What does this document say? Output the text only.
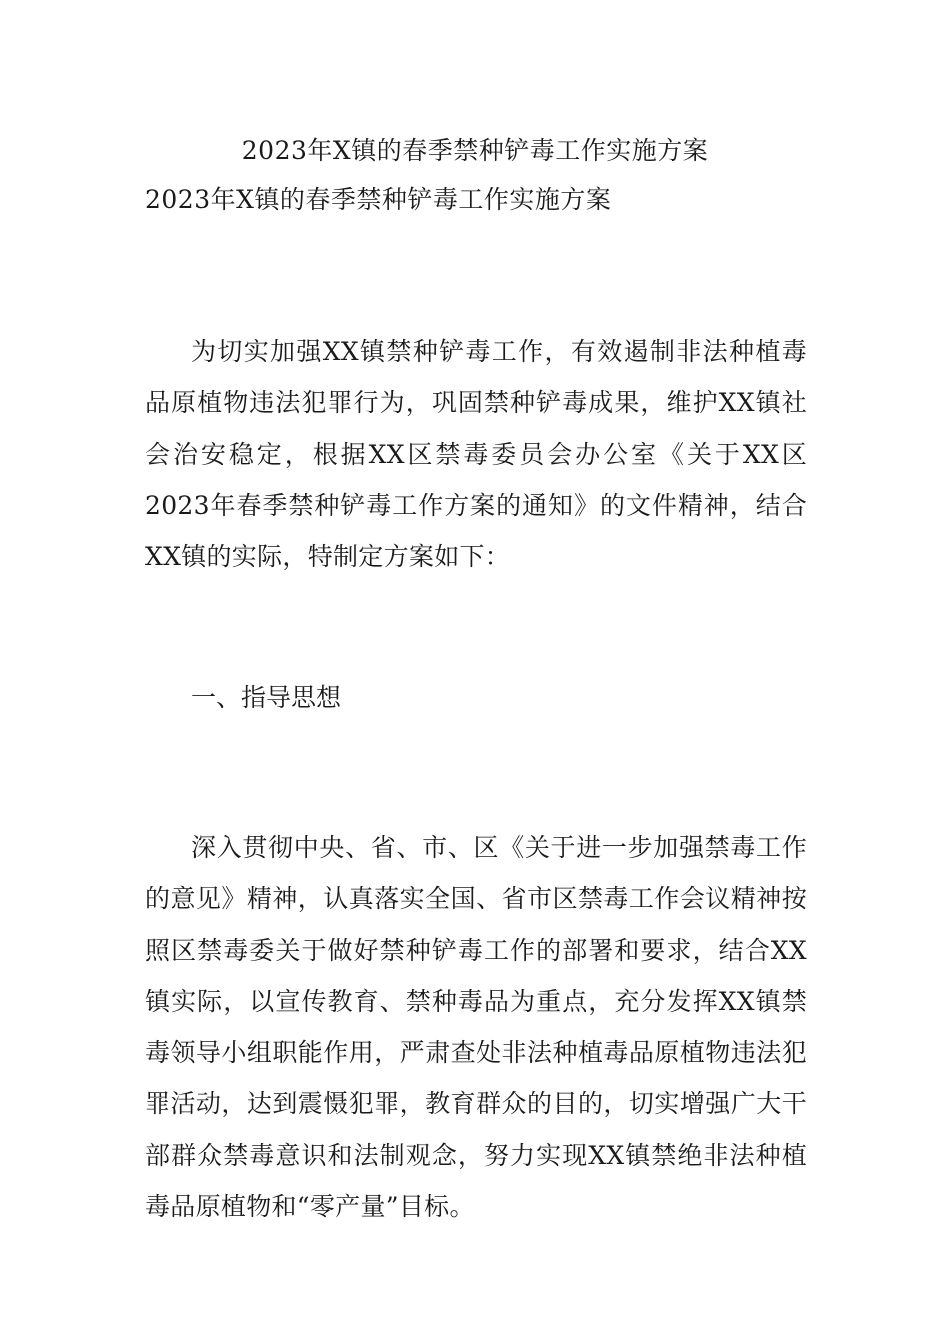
2023年X镇的春季禁种铲毒工作实施方案
2023年X镇的春季禁种铲毒工作实施方案

为切实加强XX镇禁种铲毒工作，有效遏制非法种植毒品原植物违法犯罪行为，巩固禁种铲毒成果，维护XX镇社会治安稳定，根据XX区禁毒委员会办公室《关于XX区2023年春季禁种铲毒工作方案的通知》的文件精神，结合XX镇的实际，特制定方案如下：

一、指导思想

深入贯彻中央、省、市、区《关于进一步加强禁毒工作的意见》精神，认真落实全国、省市区禁毒工作会议精神按照区禁毒委关于做好禁种铲毒工作的部署和要求，结合XX镇实际，以宣传教育、禁种毒品为重点，充分发挥XX镇禁毒领导小组职能作用，严肃查处非法种植毒品原植物违法犯罪活动，达到震慑犯罪，教育群众的目的，切实增强广大干部群众禁毒意识和法制观念，努力实现XX镇禁绝非法种植毒品原植物和“零产量”目标。
